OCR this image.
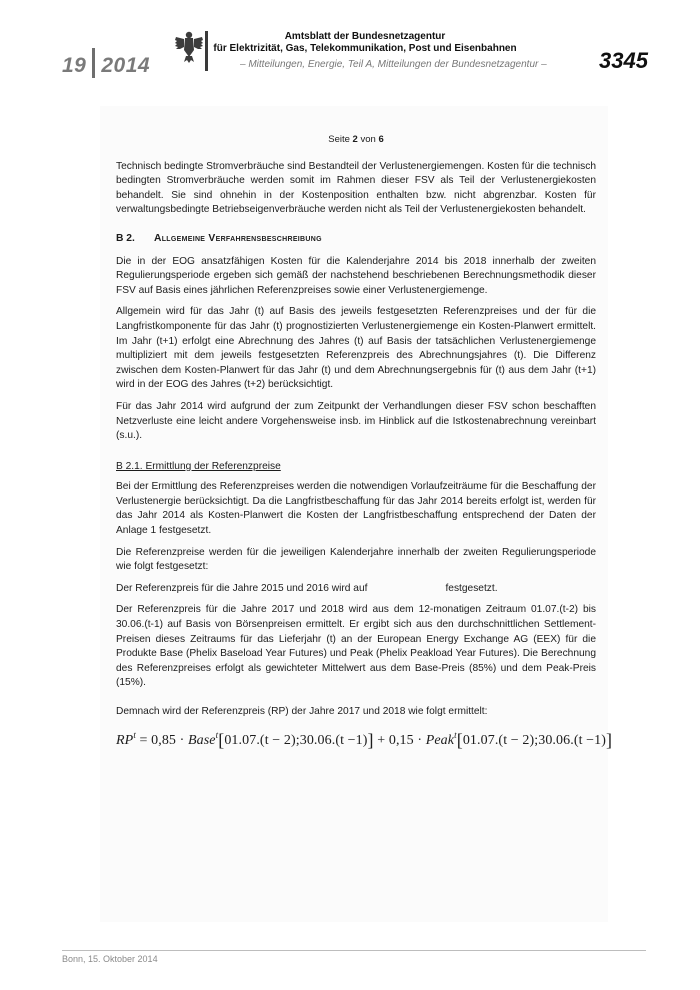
19 2014
Amtsblatt der Bundesnetzagentur
für Elektrizität, Gas, Telekommunikation, Post und Eisenbahnen
– Mitteilungen, Energie, Teil A, Mitteilungen der Bundesnetzagentur – 3345
Seite 2 von 6

Technisch bedingte Stromverbräuche sind Bestandteil der Verlustenergiemengen. Kosten für die technisch bedingten Stromverbräuche werden somit im Rahmen dieser FSV als Teil der Verlustenergiekosten behandelt. Sie sind ohnehin in der Kostenposition enthalten bzw. nicht abgrenzbar. Kosten für verwaltungsbedingte Betriebseigenverbräuche werden nicht als Teil der Verlustenergiekosten behandelt.

B 2. Allgemeine Verfahrensbeschreibung

Die in der EOG ansatzfähigen Kosten für die Kalenderjahre 2014 bis 2018 innerhalb der zweiten Regulierungsperiode ergeben sich gemäß der nachstehend beschriebenen Berechnungsmethodik dieser FSV auf Basis eines jährlichen Referenzpreises sowie einer Verlustenergiemenge.

Allgemein wird für das Jahr (t) auf Basis des jeweils festgesetzten Referenzpreises und der für die Langfristkomponente für das Jahr (t) prognostizierten Verlustenergiemenge ein Kosten-Planwert ermittelt. Im Jahr (t+1) erfolgt eine Abrechnung des Jahres (t) auf Basis der tatsächlichen Verlustenergiemenge multipliziert mit dem jeweils festgesetzten Referenzpreis des Abrechnungsjahres (t). Die Differenz zwischen dem Kosten-Planwert für das Jahr (t) und dem Abrechnungsergebnis für (t) aus dem Jahr (t+1) wird in der EOG des Jahres (t+2) berücksichtigt.

Für das Jahr 2014 wird aufgrund der zum Zeitpunkt der Verhandlungen dieser FSV schon beschafften Netzverluste eine leicht andere Vorgehensweise insb. im Hinblick auf die Istkostenabrechnung vereinbart (s.u.).

B 2.1. Ermittlung der Referenzpreise

Bei der Ermittlung des Referenzpreises werden die notwendigen Vorlaufzeiträume für die Beschaffung der Verlustenergie berücksichtigt. Da die Langfristbeschaffung für das Jahr 2014 bereits erfolgt ist, werden für das Jahr 2014 als Kosten-Planwert die Kosten der Langfristbeschaffung entsprechend der Daten der Anlage 1 festgesetzt.

Die Referenzpreise werden für die jeweiligen Kalenderjahre innerhalb der zweiten Regulierungsperiode wie folgt festgesetzt:

Der Referenzpreis für die Jahre 2015 und 2016 wird auf	festgesetzt.

Der Referenzpreis für die Jahre 2017 und 2018 wird aus dem 12-monatigen Zeitraum 01.07.(t-2) bis 30.06.(t-1) auf Basis von Börsenpreisen ermittelt. Er ergibt sich aus den durchschnittlichen Settlement-Preisen dieses Zeitraums für das Lieferjahr (t) an der European Energy Exchange AG (EEX) für die Produkte Base (Phelix Baseload Year Futures) und Peak (Phelix Peakload Year Futures). Die Berechnung des Referenzpreises erfolgt als gewichteter Mittelwert aus dem Base-Preis (85%) und dem Peak-Preis (15%).

Demnach wird der Referenzpreis (RP) der Jahre 2017 und 2018 wie folgt ermittelt:

$RP^t = 0,85$ · Base$^t$[01.07.(t − 2);30.06.(t −1)] + 0,15 · Peak$^t$[01.07.(t − 2);30.06.(t −1)]
Bonn, 15. Oktober 2014
